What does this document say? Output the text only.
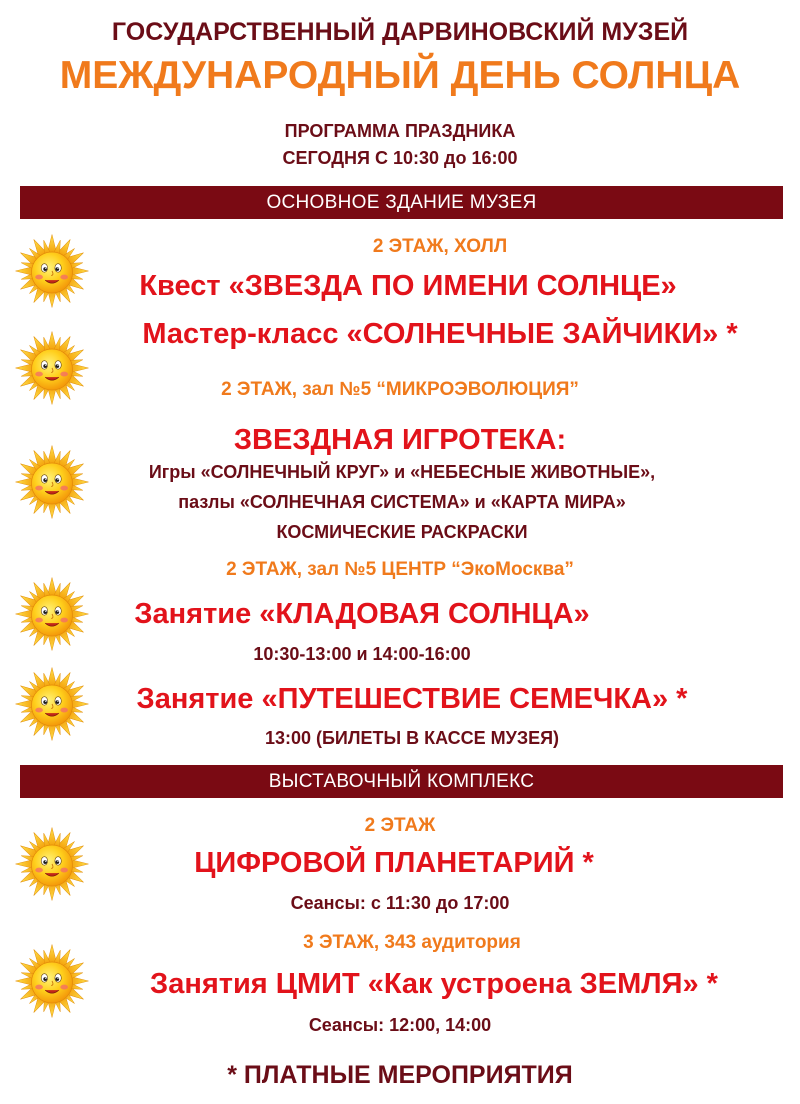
ГОСУДАРСТВЕННЫЙ ДАРВИНОВСКИЙ МУЗЕЙ
МЕЖДУНАРОДНЫЙ ДЕНЬ СОЛНЦА
ПРОГРАММА ПРАЗДНИКА
СЕГОДНЯ С 10:30 до 16:00
ОСНОВНОЕ ЗДАНИЕ МУЗЕЯ
2 ЭТАЖ, ХОЛЛ
Квест «ЗВЕЗДА ПО ИМЕНИ СОЛНЦЕ»
Мастер-класс «СОЛНЕЧНЫЕ ЗАЙЧИКИ» *
2 ЭТАЖ, зал №5 “МИКРОЭВОЛЮЦИЯ”
ЗВЕЗДНАЯ ИГРОТЕКА:
Игры «СОЛНЕЧНЫЙ КРУГ» и «НЕБЕСНЫЕ ЖИВОТНЫЕ»,
пазлы «СОЛНЕЧНАЯ СИСТЕМА» и «КАРТА МИРА»
КОСМИЧЕСКИЕ РАСКРАСКИ
2 ЭТАЖ, зал №5 ЦЕНТР “ЭкоМосква”
Занятие «КЛАДОВАЯ СОЛНЦА»
10:30-13:00 и 14:00-16:00
Занятие «ПУТЕШЕСТВИЕ СЕМЕЧКА» *
13:00 (БИЛЕТЫ В КАССЕ МУЗЕЯ)
ВЫСТАВОЧНЫЙ КОМПЛЕКС
2 ЭТАЖ
ЦИФРОВОЙ ПЛАНЕТАРИЙ *
Сеансы: с 11:30 до 17:00
3 ЭТАЖ, 343 аудитория
Занятия ЦМИТ «Как устроена ЗЕМЛЯ» *
Сеансы: 12:00, 14:00
* ПЛАТНЫЕ МЕРОПРИЯТИЯ
